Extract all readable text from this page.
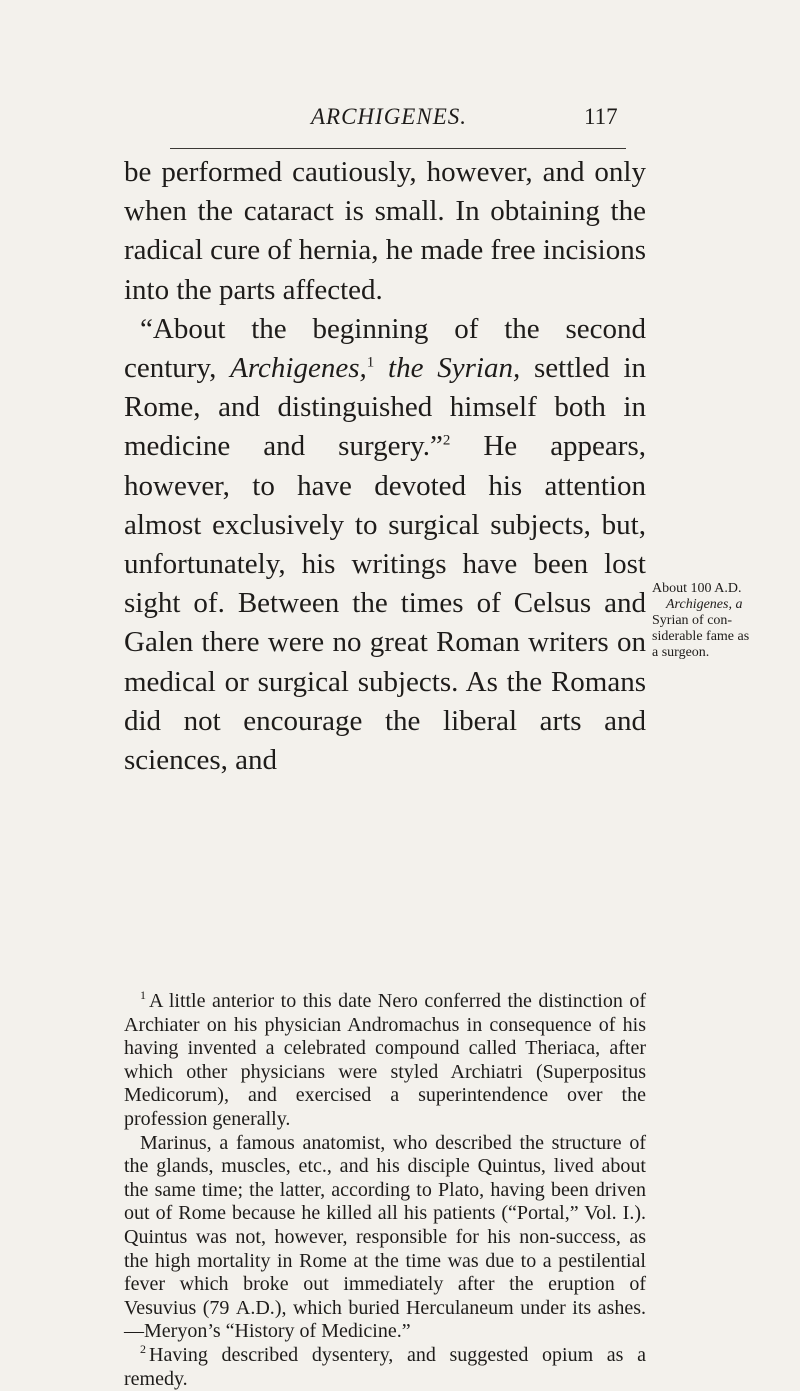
ARCHIGENES.	117

be performed cautiously, however, and only when the cataract is small. In obtaining the radical cure of hernia, he made free incisions into the parts affected.

“About the beginning of the second century, Archigenes,$^1$ the Syrian, settled in Rome, and distinguished himself both in medicine and surgery.”$^2$ He appears, however, to have devoted his attention almost exclusively to surgical subjects, but, unfortunately, his writings have been lost sight of. Between the times of Celsus and Galen there were no great Roman writers on medical or surgical subjects. As the Romans did not encourage the liberal arts and sciences, and

About 100 A.D.
Archigenes, a
Syrian of con-
siderable fame as
a surgeon.

$^1$ A little anterior to this date Nero conferred the distinction of Archiater on his physician Andromachus in consequence of his having invented a celebrated compound called Theriaca, after which other physicians were styled Archiatri (Superpositus Medicorum), and exercised a superintendence over the profession generally.

Marinus, a famous anatomist, who described the structure of the glands, muscles, etc., and his disciple Quintus, lived about the same time; the latter, according to Plato, having been driven out of Rome because he killed all his patients (“Portal,” Vol. I.). Quintus was not, however, responsible for his non-success, as the high mortality in Rome at the time was due to a pestilential fever which broke out immediately after the eruption of Vesuvius (79 A.D.), which buried Herculaneum under its ashes.—Meryon’s “History of Medicine.”

$^2$ Having described dysentery, and suggested opium as a remedy.
